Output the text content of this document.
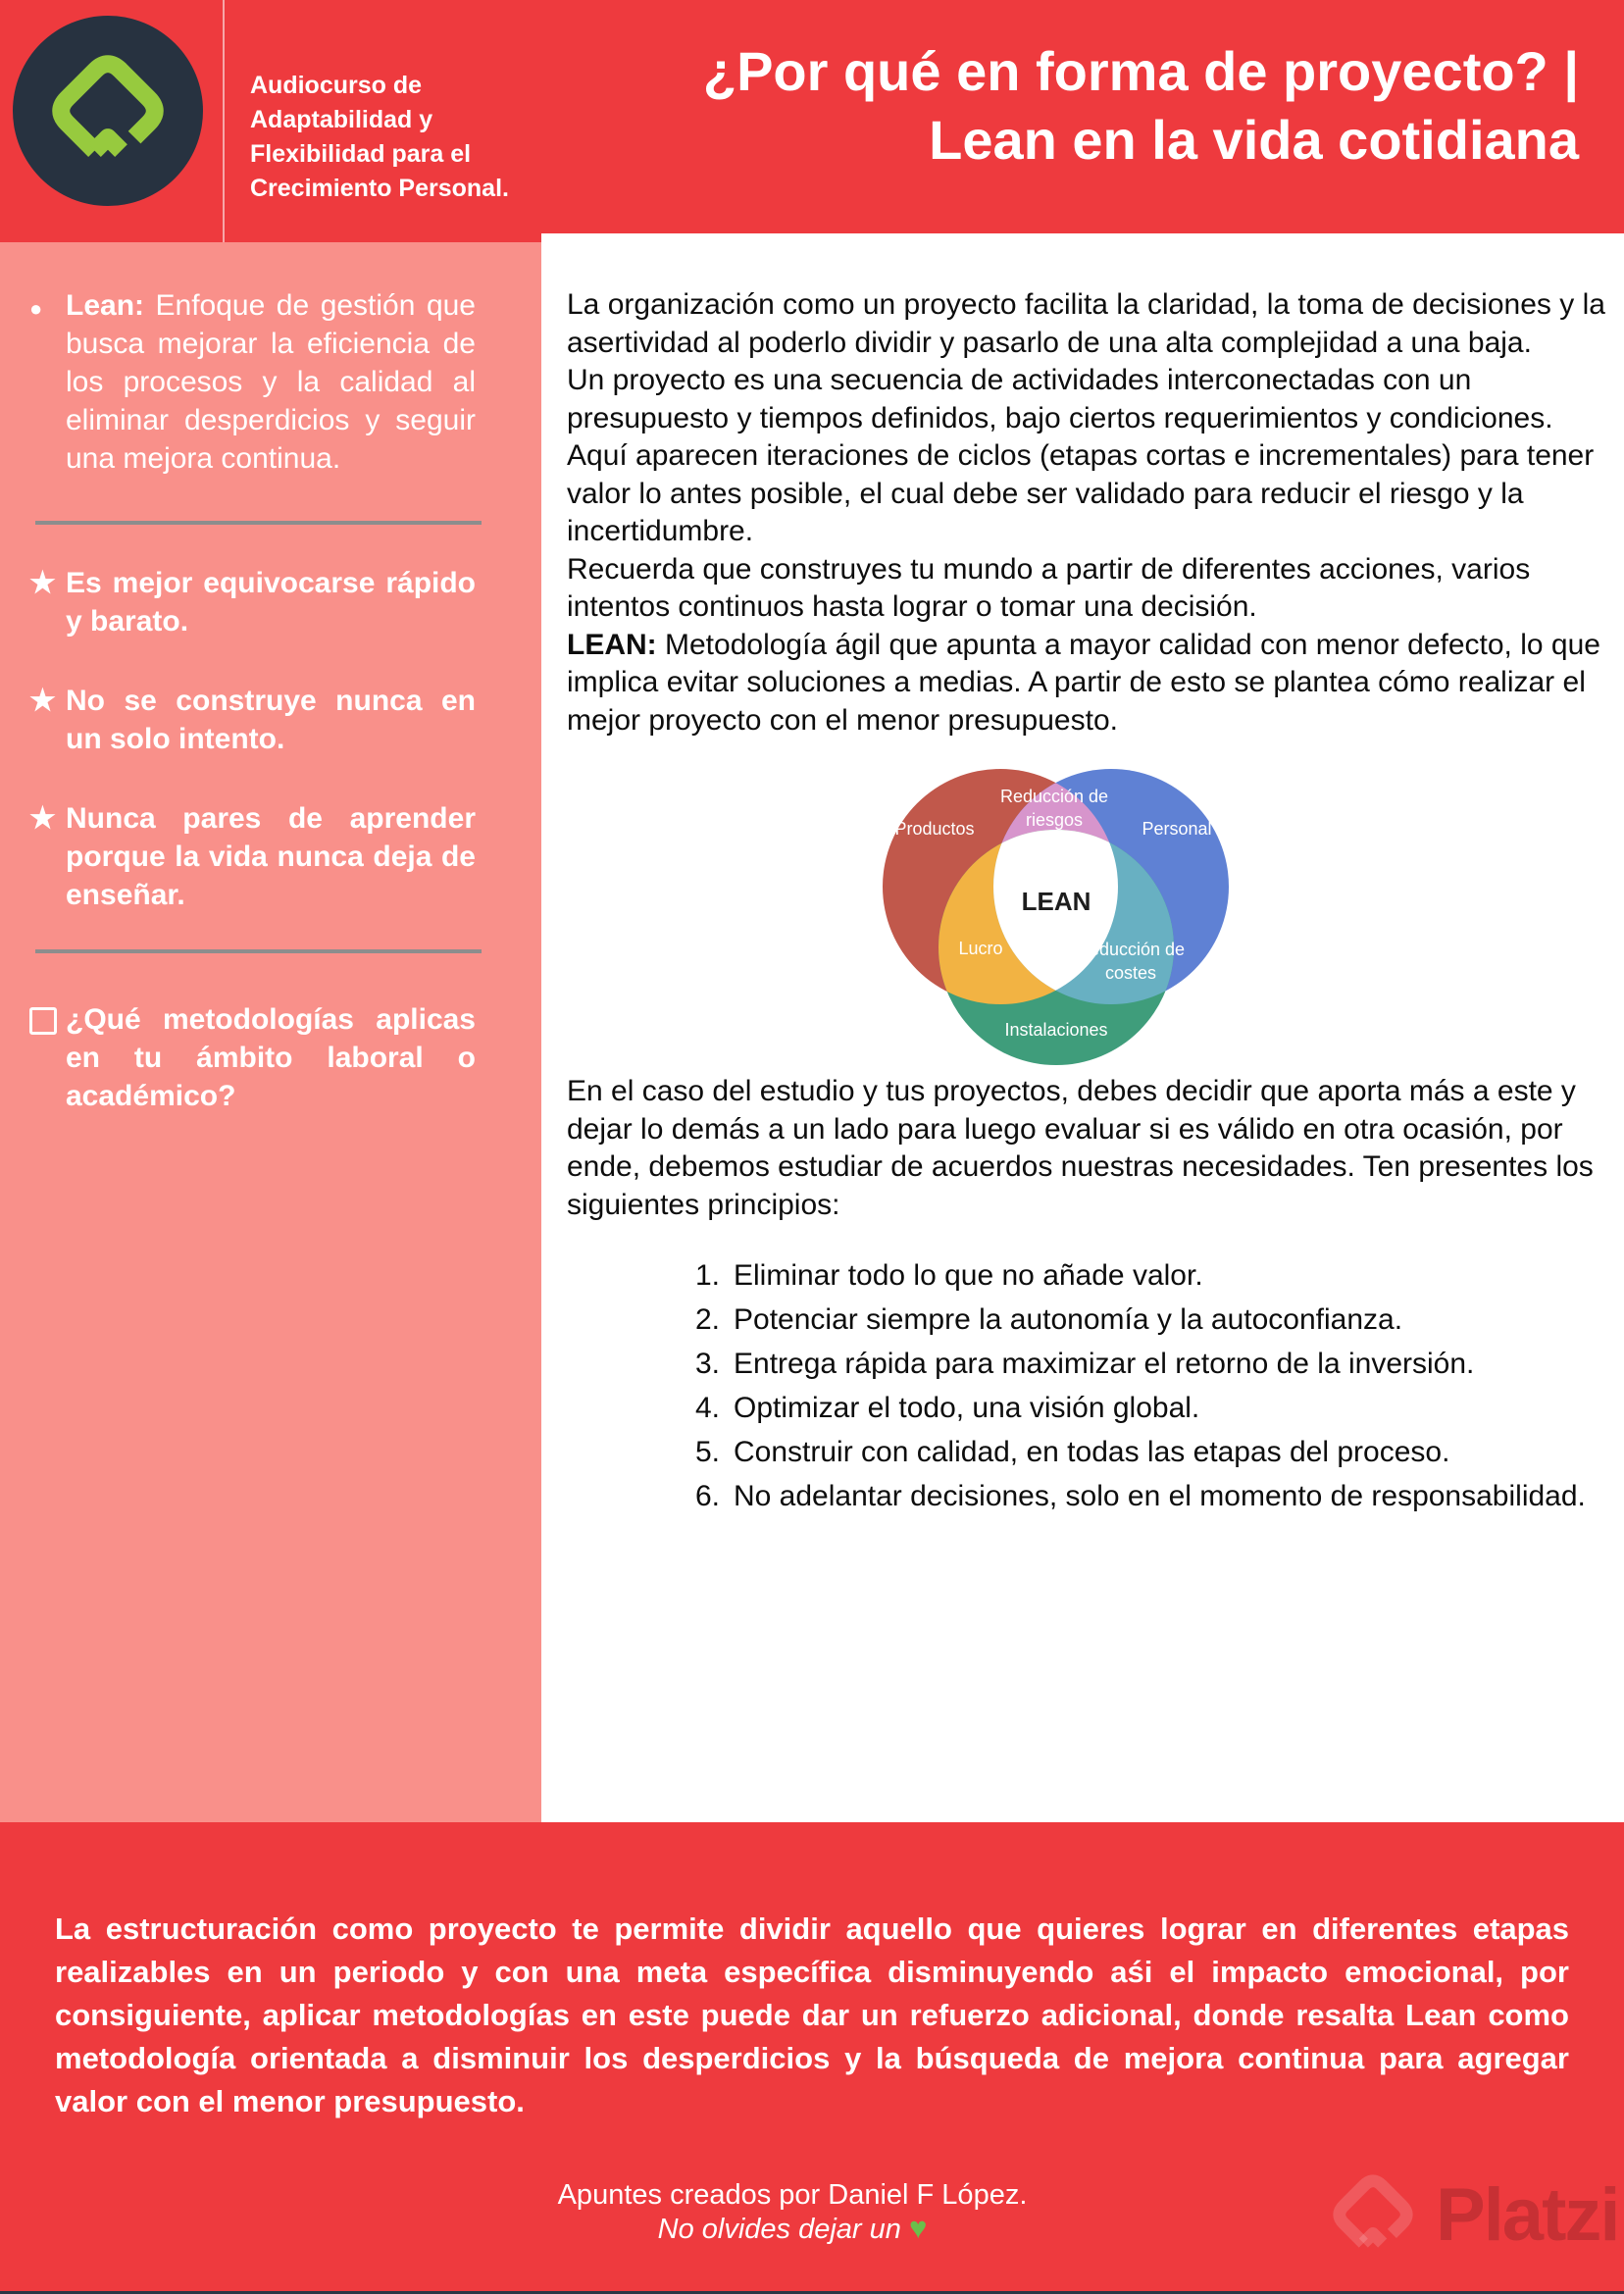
Audiocurso de
Adaptabilidad y
Flexibilidad para el
Crecimiento Personal.
● Lean: Enfoque de gestión que busca mejorar la eficiencia de los procesos y la calidad al eliminar desperdicios y seguir una mejora continua.
★ Es mejor equivocarse rápido y barato.
★ No se construye nunca en un solo intento.
★ Nunca pares de aprender porque la vida nunca deja de enseñar.
¿Qué metodologías aplicas en tu ámbito laboral o académico?
¿Por qué en forma de proyecto? |
Lean en la vida cotidiana

La organización como un proyecto facilita la claridad, la toma de decisiones y la asertividad al poderlo dividir y pasarlo de una alta complejidad a una baja.

Un proyecto es una secuencia de actividades interconectadas con un presupuesto y tiempos definidos, bajo ciertos requerimientos y condiciones. Aquí aparecen iteraciones de ciclos (etapas cortas e incrementales) para tener valor lo antes posible, el cual debe ser validado para reducir el riesgo y la incertidumbre.

Recuerda que construyes tu mundo a partir de diferentes acciones, varios intentos continuos hasta lograr o tomar una decisión.

LEAN: Metodología ágil que apunta a mayor calidad con menor defecto, lo que implica evitar soluciones a medias. A partir de esto se plantea cómo realizar el mejor proyecto con el menor presupuesto.

Productos	Personal
Reducción de
riesgos
Lucro	Reducción de
costes
Instalaciones
LEAN

En el caso del estudio y tus proyectos, debes decidir que aporta más a este y dejar lo demás a un lado para luego evaluar si es válido en otra ocasión, por ende, debemos estudiar de acuerdos nuestras necesidades. Ten presentes los siguientes principios:

1. Eliminar todo lo que no añade valor.
2. Potenciar siempre la autonomía y la autoconfianza.
3. Entrega rápida para maximizar el retorno de la inversión.
4. Optimizar el todo, una visión global.
5. Construir con calidad, en todas las etapas del proceso.
6. No adelantar decisiones, solo en el momento de responsabilidad.
La estructuración como proyecto te permite dividir aquello que quieres lograr en diferentes etapas realizables en un periodo y con una meta específica disminuyendo aśi el impacto emocional, por consiguiente, aplicar metodologías en este puede dar un refuerzo adicional, donde resalta Lean como metodología orientada a disminuir los desperdicios y la búsqueda de mejora continua para agregar valor con el menor presupuesto.
Apuntes creados por Daniel F López.
No olvides dejar un ♥	Platzi
